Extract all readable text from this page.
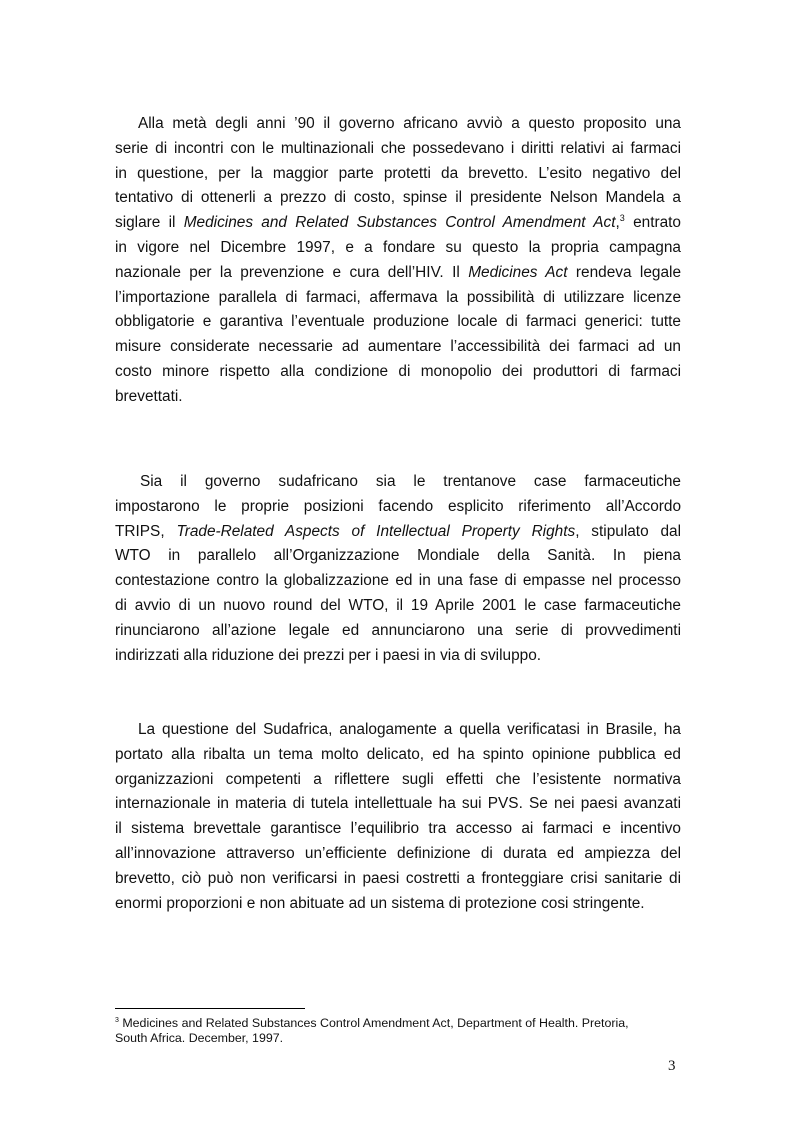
Alla metà degli anni ’90 il governo africano avviò a questo proposito una
serie di incontri con le multinazionali che possedevano i diritti relativi ai farmaci
in questione, per la maggior parte protetti da brevetto. L’esito negativo del
tentativo di ottenerli a prezzo di costo, spinse il presidente Nelson Mandela a
siglare il Medicines and Related Substances Control Amendment Act,$^3$ entrato
in vigore nel Dicembre 1997, e a fondare su questo la propria campagna
nazionale per la prevenzione e cura dell’HIV. Il Medicines Act rendeva legale
l’importazione parallela di farmaci, affermava la possibilità di utilizzare licenze
obbligatorie e garantiva l’eventuale produzione locale di farmaci generici: tutte
misure considerate necessarie ad aumentare l’accessibilità dei farmaci ad un
costo minore rispetto alla condizione di monopolio dei produttori di farmaci
brevettati.
Sia il governo sudafricano sia le trentanove case farmaceutiche
impostarono le proprie posizioni facendo esplicito riferimento all’Accordo
TRIPS, Trade-Related Aspects of Intellectual Property Rights, stipulato dal
WTO in parallelo all’Organizzazione Mondiale della Sanità. In piena
contestazione contro la globalizzazione ed in una fase di empasse nel processo
di avvio di un nuovo round del WTO, il 19 Aprile 2001 le case farmaceutiche
rinunciarono all’azione legale ed annunciarono una serie di provvedimenti
indirizzati alla riduzione dei prezzi per i paesi in via di sviluppo.
La questione del Sudafrica, analogamente a quella verificatasi in Brasile, ha
portato alla ribalta un tema molto delicato, ed ha spinto opinione pubblica ed
organizzazioni competenti a riflettere sugli effetti che l’esistente normativa
internazionale in materia di tutela intellettuale ha sui PVS. Se nei paesi avanzati
il sistema brevettale garantisce l’equilibrio tra accesso ai farmaci e incentivo
all’innovazione attraverso un’efficiente definizione di durata ed ampiezza del
brevetto, ciò può non verificarsi in paesi costretti a fronteggiare crisi sanitarie di
enormi proporzioni e non abituate ad un sistema di protezione cosi stringente.
$^3$ Medicines and Related Substances Control Amendment Act, Department of Health. Pretoria,
South Africa. December, 1997.
3
